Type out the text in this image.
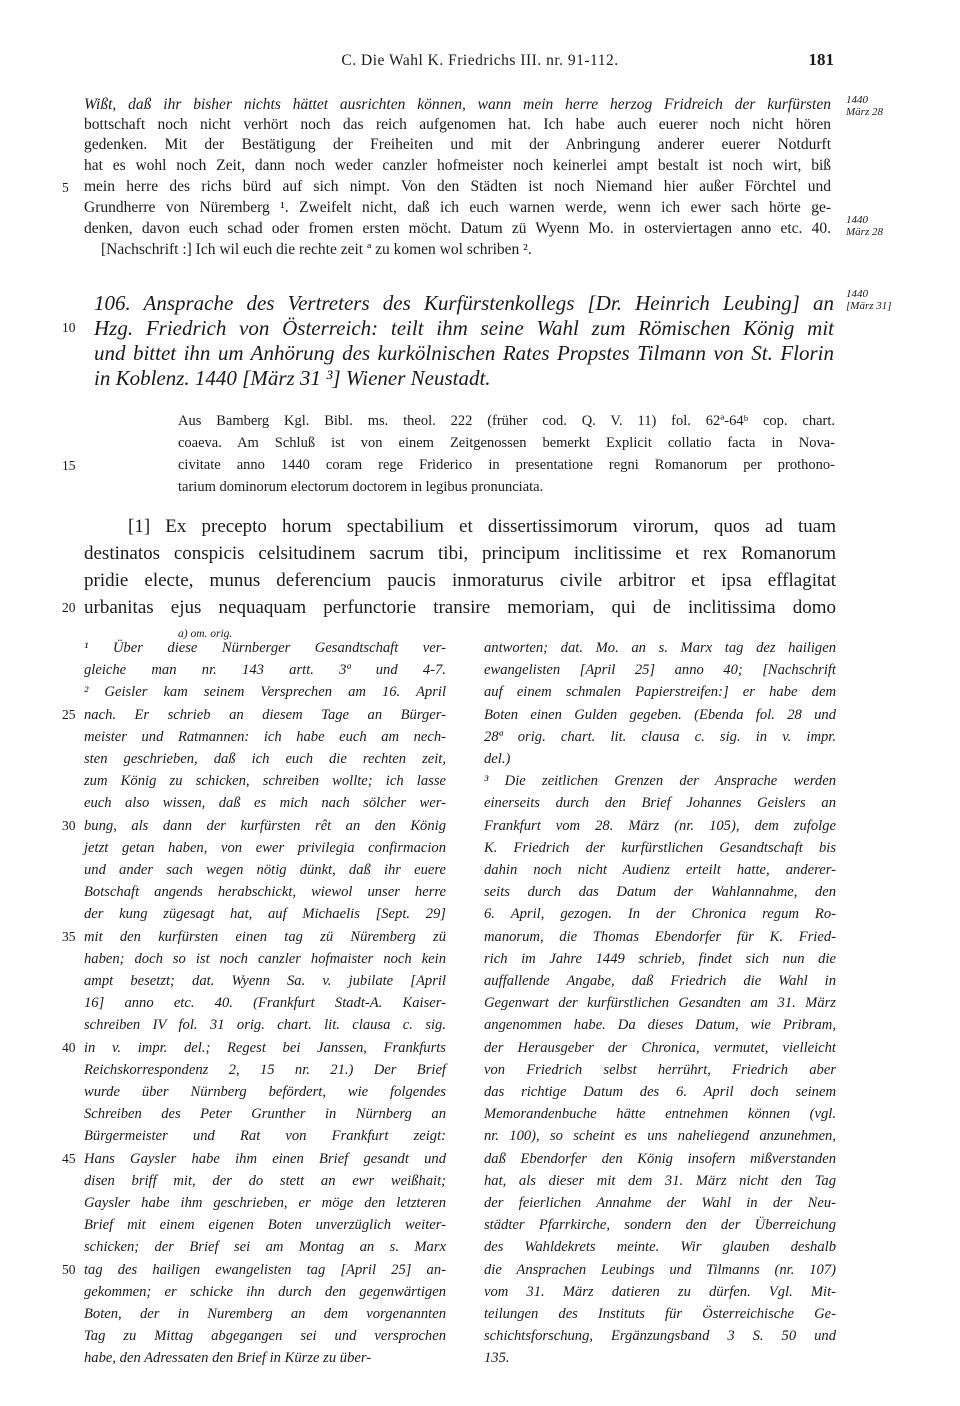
C. Die Wahl K. Friedrichs III. nr. 91-112.	181
Wißt, daß ihr bisher nichts hättet ausrichten können, wann mein herre herzog Fridreich der kurfürsten
bottschaft noch nicht verhört noch das reich aufgenomen hat. Ich habe auch euerer noch nicht hören
gedenken. Mit der Bestätigung der Freiheiten und mit der Anbringung anderer euerer Notdurft
hat es wohl noch Zeit, dann noch weder canzler hofmeister noch keinerlei ampt bestalt ist noch wirt, biß
mein herre des richs bürd auf sich nimpt. Von den Städten ist noch Niemand hier außer Förchtel und
Grundherre von Nüremberg ¹. Zweifelt nicht, daß ich euch warnen werde, wenn ich ewer sach hörte ge-
denken, davon euch schad oder fromen ersten möcht. Datum zü Wyenn Mo. in osterviertagen anno etc. 40.
[Nachschrift :] Ich wil euch die rechte zeit ª zu komen wol schriben ².
5
1440
März 28
1440
März 28
106. Ansprache des Vertreters des Kurfürstenkollegs [Dr. Heinrich Leubing] an
Hzg. Friedrich von Österreich: teilt ihm seine Wahl zum Römischen König mit
und bittet ihn um Anhörung des kurkölnischen Rates Propstes Tilmann von St. Florin
in Koblenz. 1440 [März 31 ³] Wiener Neustadt.
10
1440
[März 31]
Aus Bamberg Kgl. Bibl. ms. theol. 222 (früher cod. Q. V. 11) fol. 62ª-64ᵇ cop. chart.
coaeva. Am Schluß ist von einem Zeitgenossen bemerkt Explicit collatio facta in Nova-
civitate anno 1440 coram rege Friderico in presentatione regni Romanorum per prothono-
tarium dominorum electorum doctorem in legibus pronunciata.
15
[1] Ex precepto horum spectabilium et dissertissimorum virorum, quos ad tuam
destinatos conspicis celsitudinem sacrum tibi, principum inclitissime et rex Romanorum
pridie electe, munus deferencium paucis inmoraturus civile arbitror et ipsa efflagitat
urbanitas ejus nequaquam perfunctorie transire memoriam, qui de inclitissima domo
20
a) om. orig.
¹ Über diese Nürnberger Gesandtschaft ver-
gleiche man nr. 143 artt. 3ª und 4-7.
² Geisler kam seinem Versprechen am 16. April
nach. Er schrieb an diesem Tage an Bürger-
meister und Ratmannen: ich habe euch am nech-
sten geschrieben, daß ich euch die rechten zeit,
zum König zu schicken, schreiben wollte; ich lasse
euch also wissen, daß es mich nach sölcher wer-
bung, als dann der kurfürsten rêt an den König
jetzt getan haben, von ewer privilegia confirmacion
und ander sach wegen nötig dünkt, daß ihr euere
Botschaft angends herabschickt, wiewol unser herre
der kung zügesagt hat, auf Michaelis [Sept. 29]
mit den kurfürsten einen tag zü Nüremberg zü
haben; doch so ist noch canzler hofmaister noch kein
ampt besetzt; dat. Wyenn Sa. v. jubilate [April
16] anno etc. 40. (Frankfurt Stadt-A. Kaiser-
schreiben IV fol. 31 orig. chart. lit. clausa c. sig.
in v. impr. del.; Regest bei Janssen, Frankfurts
Reichskorrespondenz 2, 15 nr. 21.) Der Brief
wurde über Nürnberg befördert, wie folgendes
Schreiben des Peter Grunther in Nürnberg an
Bürgermeister und Rat von Frankfurt zeigt:
Hans Gaysler habe ihm einen Brief gesandt und
disen briff mit, der do stett an ewr weißhait;
Gaysler habe ihm geschrieben, er möge den letzteren
Brief mit einem eigenen Boten unverzüglich weiter-
schicken; der Brief sei am Montag an s. Marx
tag des hailigen ewangelisten tag [April 25] an-
gekommen; er schicke ihn durch den gegenwärtigen
Boten, der in Nuremberg an dem vorgenannten
Tag zu Mittag abgegangen sei und versprochen
habe, den Adressaten den Brief in Kürze zu über-
25
30
35
40
45
50
antworten; dat. Mo. an s. Marx tag dez hailigen
ewangelisten [April 25] anno 40; [Nachschrift
auf einem schmalen Papierstreifen:] er habe dem
Boten einen Gulden gegeben. (Ebenda fol. 28 und
28ª orig. chart. lit. clausa c. sig. in v. impr.
del.)
³ Die zeitlichen Grenzen der Ansprache werden
einerseits durch den Brief Johannes Geislers an
Frankfurt vom 28. März (nr. 105), dem zufolge
K. Friedrich der kurfürstlichen Gesandtschaft bis
dahin noch nicht Audienz erteilt hatte, anderer-
seits durch das Datum der Wahlannahme, den
6. April, gezogen. In der Chronica regum Ro-
manorum, die Thomas Ebendorfer für K. Fried-
rich im Jahre 1449 schrieb, findet sich nun die
auffallende Angabe, daß Friedrich die Wahl in
Gegenwart der kurfürstlichen Gesandten am 31. März
angenommen habe. Da dieses Datum, wie Pribram,
der Herausgeber der Chronica, vermutet, vielleicht
von Friedrich selbst herrührt, Friedrich aber
das richtige Datum des 6. April doch seinem
Memorandenbuche hätte entnehmen können (vgl.
nr. 100), so scheint es uns naheliegend anzunehmen,
daß Ebendorfer den König insofern mißverstanden
hat, als dieser mit dem 31. März nicht den Tag
der feierlichen Annahme der Wahl in der Neu-
städter Pfarrkirche, sondern den der Überreichung
des Wahldekrets meinte. Wir glauben deshalb
die Ansprachen Leubings und Tilmanns (nr. 107)
vom 31. März datieren zu dürfen. Vgl. Mit-
teilungen des Instituts für Österreichische Ge-
schichtsforschung, Ergänzungsband 3 S. 50 und
135.
